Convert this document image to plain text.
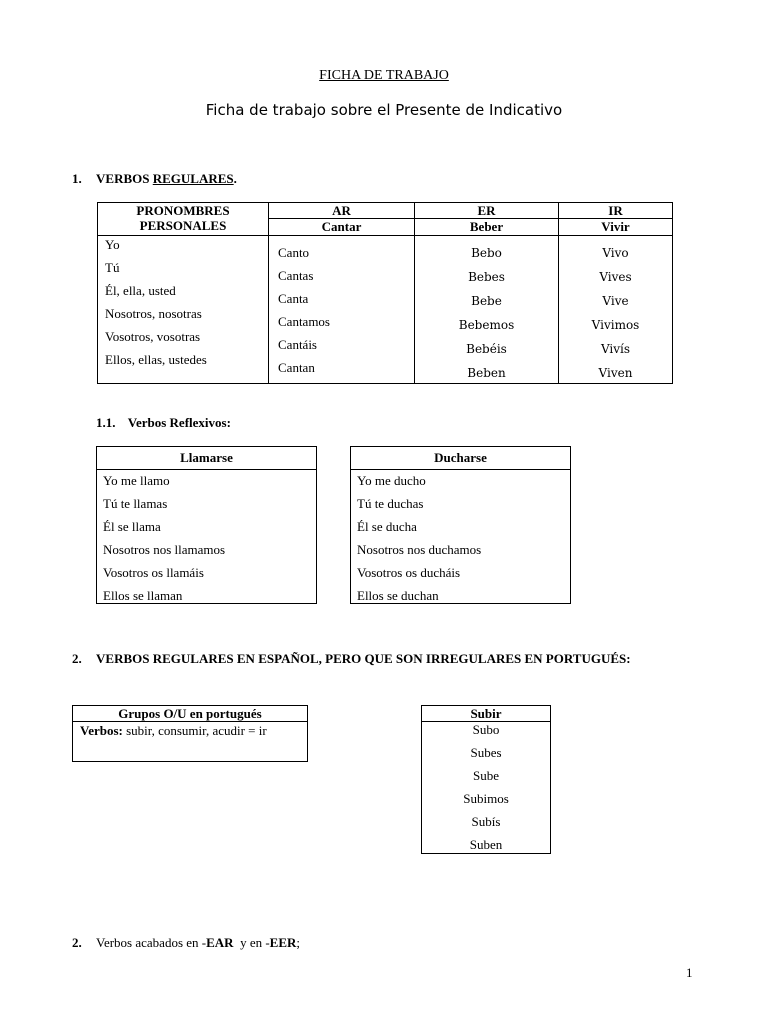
FICHA DE TRABAJO
Ficha de trabajo sobre el Presente de Indicativo
1. VERBOS REGULARES.
PRONOMBRES PERSONALES
AR
Cantar
ER
Beber
IR
Vivir
Yo
Tú
Él, ella, usted
Nosotros, nosotras
Vosotros, vosotras
Ellos, ellas, ustedes
Canto
Cantas
Canta
Cantamos
Cantáis
Cantan
Bebo
Bebes
Bebe
Bebemos
Bebéis
Beben
Vivo
Vives
Vive
Vivimos
Vivís
Viven
1.1. Verbos Reflexivos:
Llamarse
Yo me llamo
Tú te llamas
Él se llama
Nosotros nos llamamos
Vosotros os llamáis
Ellos se llaman
Ducharse
Yo me ducho
Tú te duchas
Él se ducha
Nosotros nos duchamos
Vosotros os ducháis
Ellos se duchan
2. VERBOS REGULARES EN ESPAÑOL, PERO QUE SON IRREGULARES EN PORTUGUÉS:
Grupos O/U en portugués
Verbos: subir, consumir, acudir = ir
Subir
Subo
Subes
Sube
Subimos
Subís
Suben
2. Verbos acabados en -EAR  y en -EER;
1
